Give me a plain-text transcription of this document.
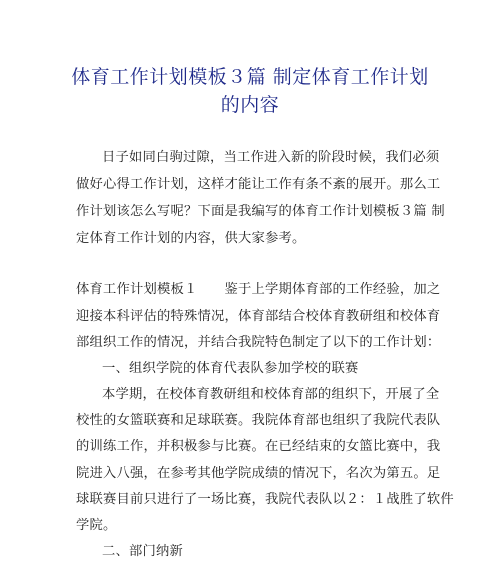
体育工作计划模板３篇 制定体育工作计划
的内容
日子如同白驹过隙，当工作进入新的阶段时候，我们必须
做好心得工作计划，这样才能让工作有条不紊的展开。那么工
作计划该怎么写呢？下面是我编写的体育工作计划模板３篇 制
定体育工作计划的内容，供大家参考。
体育工作计划模板１　　鉴于上学期体育部的工作经验，加之
迎接本科评估的特殊情况，体育部结合校体育教研组和校体育
部组织工作的情况，并结合我院特色制定了以下的工作计划：
一、组织学院的体育代表队参加学校的联赛
本学期，在校体育教研组和校体育部的组织下，开展了全
校性的女篮联赛和足球联赛。我院体育部也组织了我院代表队
的训练工作，并积极参与比赛。在已经结束的女篮比赛中，我
院进入八强，在参考其他学院成绩的情况下，名次为第五。足
球联赛目前只进行了一场比赛，我院代表队以２：１战胜了软件
学院。
二、部门纳新
